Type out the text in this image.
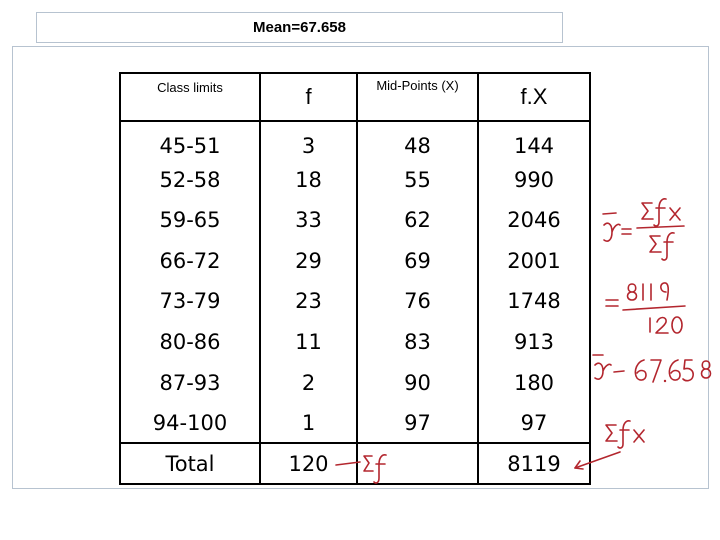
Mean=67.658
Class limits	f	Mid-Points (X)	f.X
45-51	3	48	144
52-58	18	55	990
59-65	33	62	2046
66-72	29	69	2001
73-79	23	76	1748
80-86	11	83	913
87-93	2	90	180
94-100	1	97	97
Total	120		8119
